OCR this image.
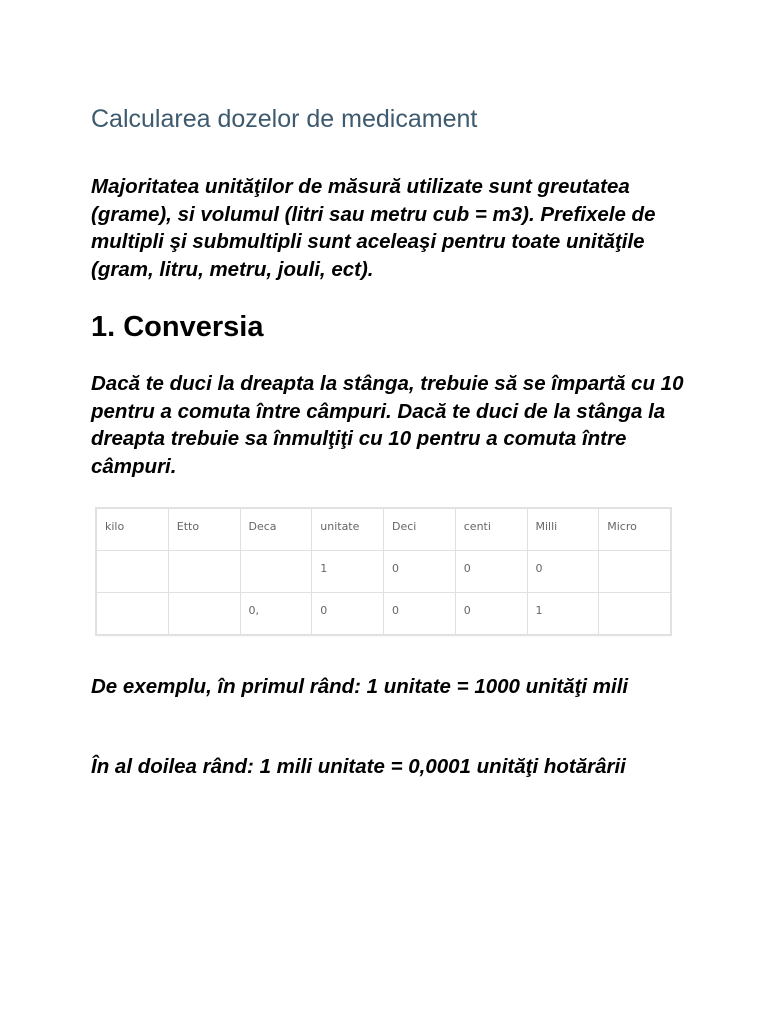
Calcularea dozelor de medicament

Majoritatea unităţilor de măsură utilizate sunt greutatea (grame), si volumul (litri sau metru cub = m3). Prefixele de multipli şi submultipli sunt aceleaşi pentru toate unităţile (gram, litru, metru, jouli, ect).

1. Conversia

Dacă te duci la dreapta la stânga, trebuie să se împartă cu 10 pentru a comuta între câmpuri. Dacă te duci de la stânga la dreapta trebuie sa înmulţiţi cu 10 pentru a comuta între câmpuri.

kilo	Etto	Deca	unitate	Deci	centi	Milli	Micro
			1	0	0	0	
		0,	0	0	0	1	

De exemplu, în primul rând: 1 unitate = 1000 unităţi mili

În al doilea rând: 1 mili unitate = 0,0001 unităţi hotărârii
